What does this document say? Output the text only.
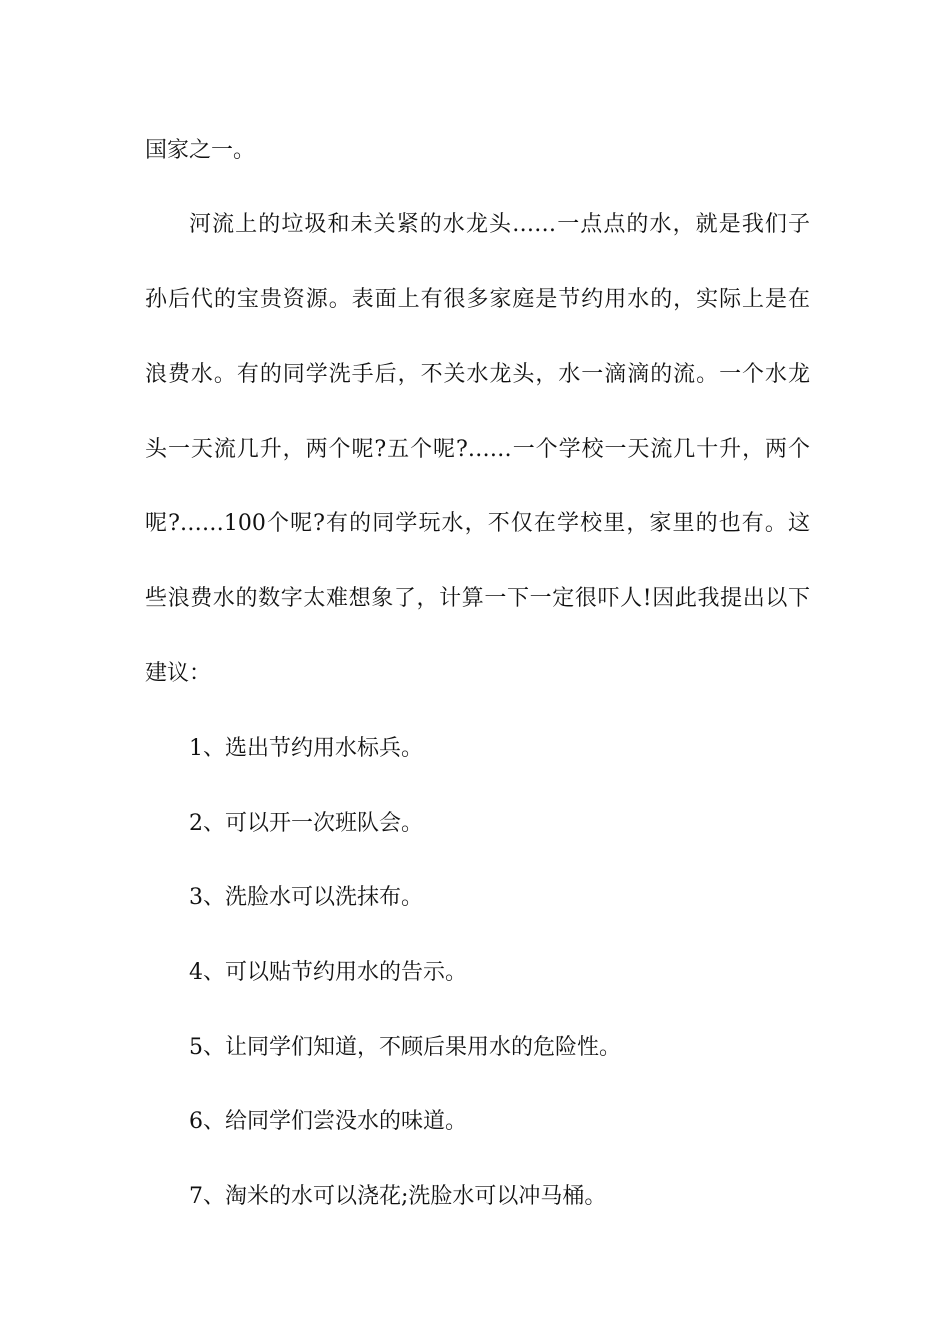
国家之一。
河流上的垃圾和未关紧的水龙头……一点点的水，就是我们子
孙后代的宝贵资源。表面上有很多家庭是节约用水的，实际上是在
浪费水。有的同学洗手后，不关水龙头，水一滴滴的流。一个水龙
头一天流几升，两个呢?五个呢?……一个学校一天流几十升，两个
呢?……100个呢?有的同学玩水，不仅在学校里，家里的也有。这
些浪费水的数字太难想象了，计算一下一定很吓人!因此我提出以下
建议：
1、选出节约用水标兵。
2、可以开一次班队会。
3、洗脸水可以洗抹布。
4、可以贴节约用水的告示。
5、让同学们知道，不顾后果用水的危险性。
6、给同学们尝没水的味道。
7、淘米的水可以浇花;洗脸水可以冲马桶。
